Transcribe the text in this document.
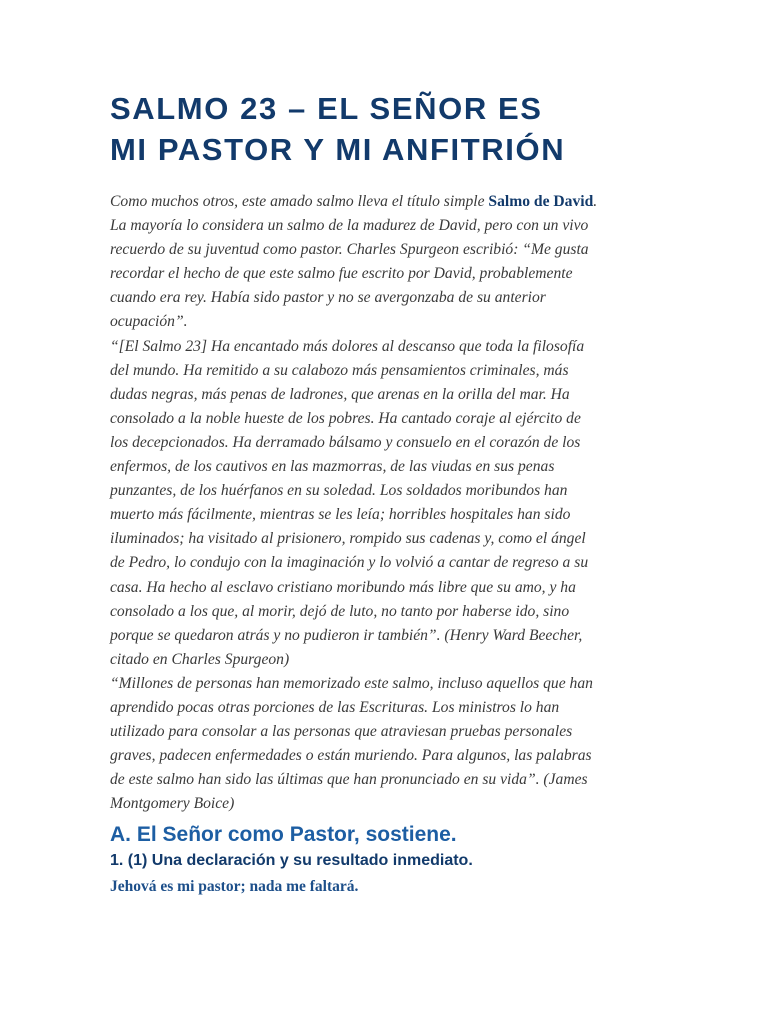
SALMO 23 – EL SEÑOR ES
MI PASTOR Y MI ANFITRIÓN
Como muchos otros, este amado salmo lleva el título simple Salmo de David.
La mayoría lo considera un salmo de la madurez de David, pero con un vivo
recuerdo de su juventud como pastor. Charles Spurgeon escribió: “Me gusta
recordar el hecho de que este salmo fue escrito por David, probablemente
cuando era rey. Había sido pastor y no se avergonzaba de su anterior
ocupación”.
“[El Salmo 23] Ha encantado más dolores al descanso que toda la filosofía
del mundo. Ha remitido a su calabozo más pensamientos criminales, más
dudas negras, más penas de ladrones, que arenas en la orilla del mar. Ha
consolado a la noble hueste de los pobres. Ha cantado coraje al ejército de
los decepcionados. Ha derramado bálsamo y consuelo en el corazón de los
enfermos, de los cautivos en las mazmorras, de las viudas en sus penas
punzantes, de los huérfanos en su soledad. Los soldados moribundos han
muerto más fácilmente, mientras se les leía; horribles hospitales han sido
iluminados; ha visitado al prisionero, rompido sus cadenas y, como el ángel
de Pedro, lo condujo con la imaginación y lo volvió a cantar de regreso a su
casa. Ha hecho al esclavo cristiano moribundo más libre que su amo, y ha
consolado a los que, al morir, dejó de luto, no tanto por haberse ido, sino
porque se quedaron atrás y no pudieron ir también”. (Henry Ward Beecher,
citado en Charles Spurgeon)
“Millones de personas han memorizado este salmo, incluso aquellos que han
aprendido pocas otras porciones de las Escrituras. Los ministros lo han
utilizado para consolar a las personas que atraviesan pruebas personales
graves, padecen enfermedades o están muriendo. Para algunos, las palabras
de este salmo han sido las últimas que han pronunciado en su vida”. (James
Montgomery Boice)
A. El Señor como Pastor, sostiene.
1. (1) Una declaración y su resultado inmediato.

Jehová es mi pastor; nada me faltará.
